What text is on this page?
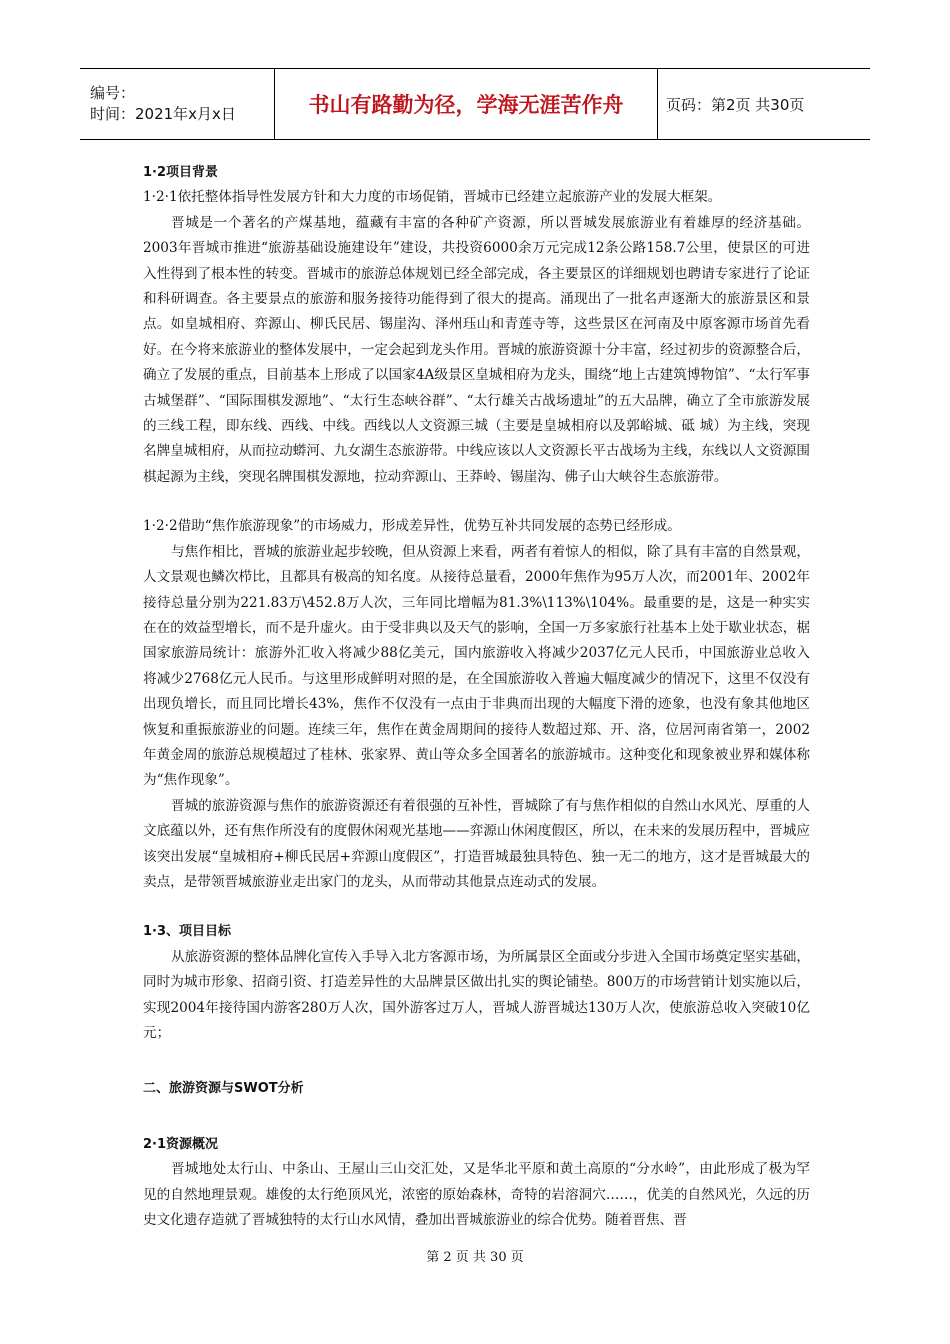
编号：
时间：2021年x月x日	书山有路勤为径，学海无涯苦作舟	页码：第2页 共30页

1·2项目背景

1·2·1依托整体指导性发展方针和大力度的市场促销，晋城市已经建立起旅游产业的发展大框架。

晋城是一个著名的产煤基地，蕴藏有丰富的各种矿产资源，所以晋城发展旅游业有着雄厚的经济基础。2003年晋城市推进“旅游基础设施建设年”建设，共投资6000余万元完成12条公路158.7公里，使景区的可进入性得到了根本性的转变。晋城市的旅游总体规划已经全部完成，各主要景区的详细规划也聘请专家进行了论证和科研调查。各主要景点的旅游和服务接待功能得到了很大的提高。涌现出了一批名声逐渐大的旅游景区和景点。如皇城相府、弈源山、柳氏民居、锡崖沟、泽州珏山和青莲寺等，这些景区在河南及中原客源市场首先看好。在今将来旅游业的整体发展中，一定会起到龙头作用。晋城的旅游资源十分丰富，经过初步的资源整合后，确立了发展的重点，目前基本上形成了以国家4A级景区皇城相府为龙头，围绕“地上古建筑博物馆”、“太行军事古城堡群”、“国际围棋发源地”、“太行生态峡谷群”、“太行雄关古战场遗址”的五大品牌，确立了全市旅游发展的三线工程，即东线、西线、中线。西线以人文资源三城（主要是皇城相府以及郭峪城、砥 城）为主线，突现名牌皇城相府，从而拉动蟒河、九女湖生态旅游带。中线应该以人文资源长平古战场为主线，东线以人文资源围棋起源为主线，突现名牌围棋发源地，拉动弈源山、王莽岭、锡崖沟、佛子山大峡谷生态旅游带。

1·2·2借助“焦作旅游现象”的市场威力，形成差异性，优势互补共同发展的态势已经形成。

与焦作相比，晋城的旅游业起步较晚，但从资源上来看，两者有着惊人的相似，除了具有丰富的自然景观，人文景观也鳞次栉比，且都具有极高的知名度。从接待总量看，2000年焦作为95万人次，而2001年、2002年接待总量分别为221.83万\452.8万人次，三年同比增幅为81.3%\113%\104%。最重要的是，这是一种实实在在的效益型增长，而不是升虚火。由于受非典以及天气的影响，全国一万多家旅行社基本上处于歇业状态，椐国家旅游局统计：旅游外汇收入将减少88亿美元，国内旅游收入将减少2037亿元人民币，中国旅游业总收入 将减少2768亿元人民币。与这里形成鲜明对照的是，在全国旅游收入普遍大幅度减少的情况下，这里不仅没有出现负增长，而且同比增长43%，焦作不仅没有一点由于非典而出现的大幅度下滑的迹象，也没有象其他地区恢复和重振旅游业的问题。连续三年，焦作在黄金周期间的接待人数超过郑、开、洛，位居河南省第一，2002年黄金周的旅游总规模超过了桂林、张家界、黄山等众多全国著名的旅游城市。这种变化和现象被业界和媒体称为“焦作现象”。

晋城的旅游资源与焦作的旅游资源还有着很强的互补性，晋城除了有与焦作相似的自然山水风光、厚重的人文底蕴以外，还有焦作所没有的度假休闲观光基地——弈源山休闲度假区，所以，在未来的发展历程中，晋城应该突出发展“皇城相府+柳氏民居+弈源山度假区”，打造晋城最独具特色、独一无二的地方，这才是晋城最大的卖点，是带领晋城旅游业走出家门的龙头，从而带动其他景点连动式的发展。

1·3、项目目标

从旅游资源的整体品牌化宣传入手导入北方客源市场，为所属景区全面或分步进入全国市场奠定坚实基础，同时为城市形象、招商引资、打造差异性的大品牌景区做出扎实的舆论铺垫。800万的市场营销计划实施以后，实现2004年接待国内游客280万人次，国外游客过万人，晋城人游晋城达130万人次，使旅游总收入突破10亿元；

二、旅游资源与SWOT分析

2·1资源概况

晋城地处太行山、中条山、王屋山三山交汇处，又是华北平原和黄土高原的“分水岭”，由此形成了极为罕见的自然地理景观。雄俊的太行绝顶风光，浓密的原始森林，奇特的岩溶洞穴……，优美的自然风光，久远的历史文化遗存造就了晋城独特的太行山水风情，叠加出晋城旅游业的综合优势。随着晋焦、晋

第 2 页 共 30 页
